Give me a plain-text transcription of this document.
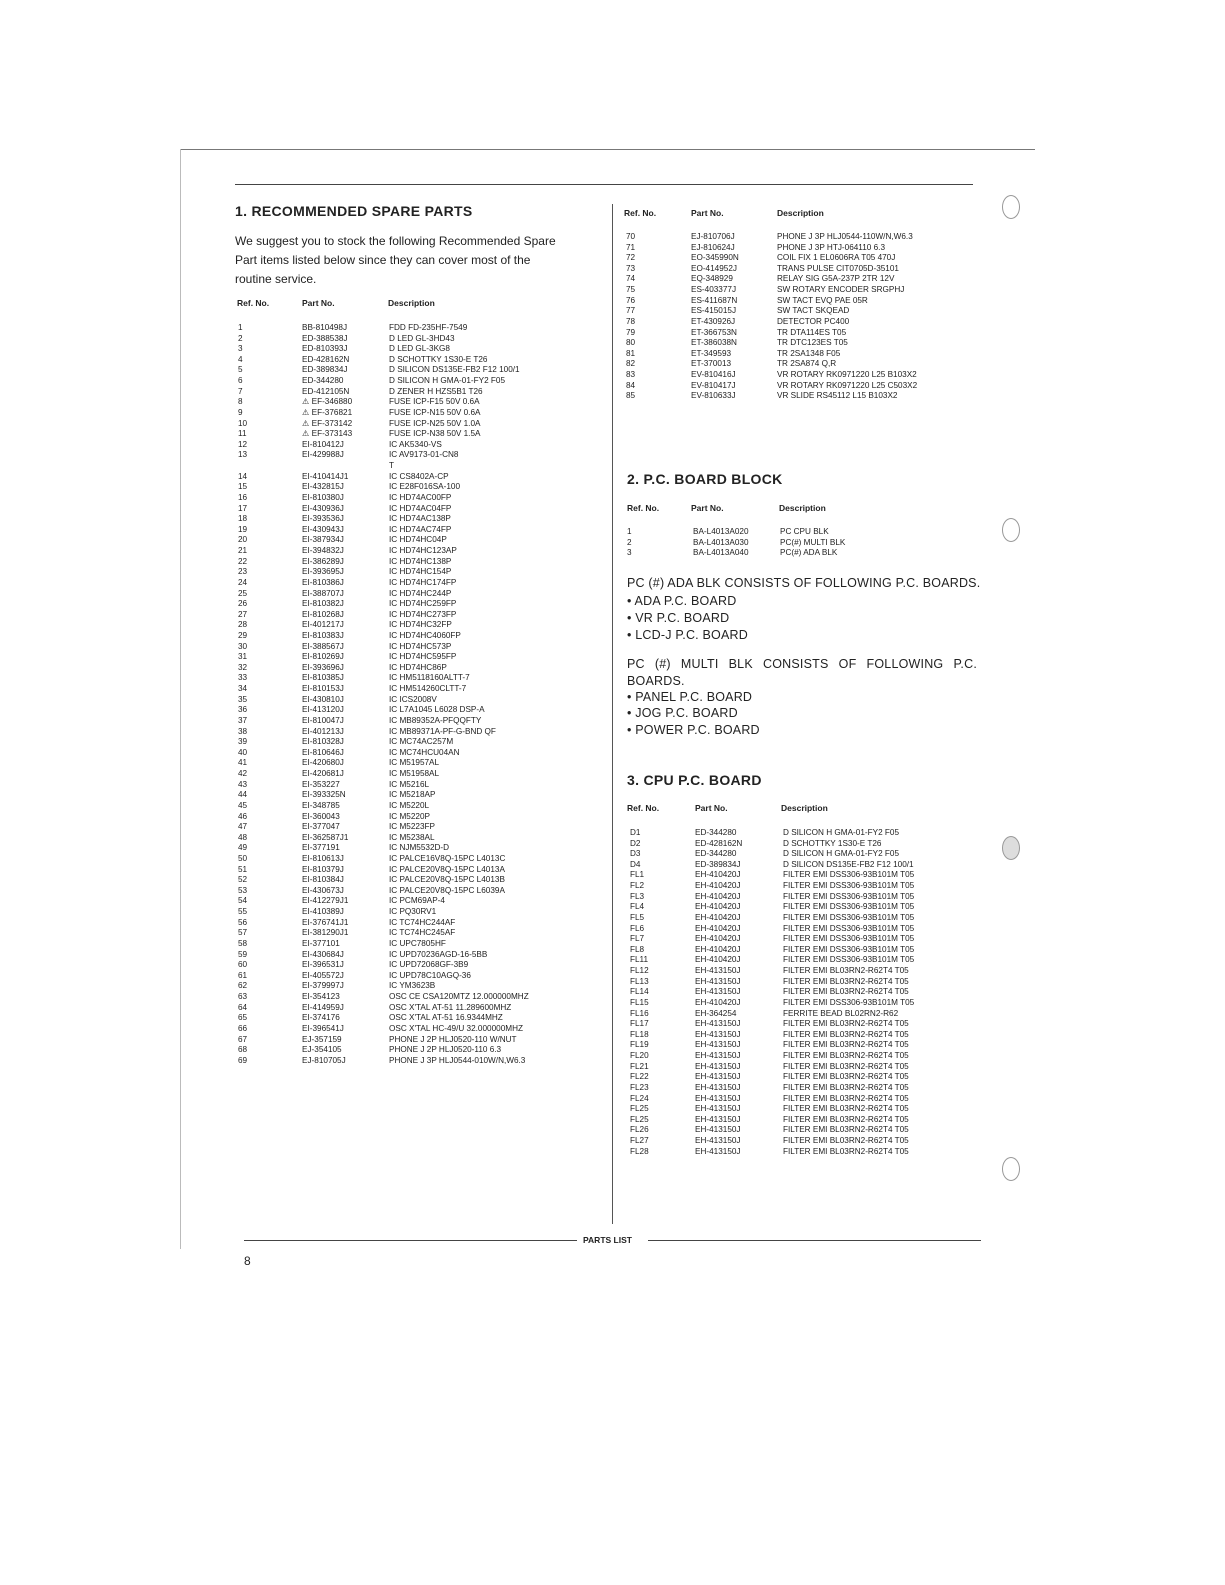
1. RECOMMENDED SPARE PARTS
We suggest you to stock the following Recommended Spare
Part items listed below since they can cover most of the
routine service.
Ref. No.	Part No.	Description
1	BB-810498J	FDD FD-235HF-7549
2	ED-388538J	D LED GL-3HD43
3	ED-810393J	D LED GL-3KG8
4	ED-428162N	D SCHOTTKY 1S30-E T26
5	ED-389834J	D SILICON DS135E-FB2 F12 100/1
6	ED-344280	D SILICON H GMA-01-FY2 F05
7	ED-412105N	D ZENER H HZS5B1 T26
8	⚠ EF-346880	FUSE ICP-F15 50V 0.6A
9	⚠ EF-376821	FUSE ICP-N15 50V 0.6A
10	⚠ EF-373142	FUSE ICP-N25 50V 1.0A
11	⚠ EF-373143	FUSE ICP-N38 50V 1.5A
12	EI-810412J	IC AK5340-VS
13	EI-429988J	IC AV9173-01-CN8
T
14	EI-410414J1	IC CS8402A-CP
15	EI-432815J	IC E28F016SA-100
16	EI-810380J	IC HD74AC00FP
17	EI-430936J	IC HD74AC04FP
18	EI-393536J	IC HD74AC138P
19	EI-430943J	IC HD74AC74FP
20	EI-387934J	IC HD74HC04P
21	EI-394832J	IC HD74HC123AP
22	EI-386289J	IC HD74HC138P
23	EI-393695J	IC HD74HC154P
24	EI-810386J	IC HD74HC174FP
25	EI-388707J	IC HD74HC244P
26	EI-810382J	IC HD74HC259FP
27	EI-810268J	IC HD74HC273FP
28	EI-401217J	IC HD74HC32FP
29	EI-810383J	IC HD74HC4060FP
30	EI-388567J	IC HD74HC573P
31	EI-810269J	IC HD74HC595FP
32	EI-393696J	IC HD74HC86P
33	EI-810385J	IC HM5118160ALTT-7
34	EI-810153J	IC HM514260CLTT-7
35	EI-430810J	IC ICS2008V
36	EI-413120J	IC L7A1045 L6028 DSP-A
37	EI-810047J	IC MB89352A-PFQQFTY
38	EI-401213J	IC MB89371A-PF-G-BND QF
39	EI-810328J	IC MC74AC257M
40	EI-810646J	IC MC74HCU04AN
41	EI-420680J	IC M51957AL
42	EI-420681J	IC M51958AL
43	EI-353227	IC M5216L
44	EI-393325N	IC M5218AP
45	EI-348785	IC M5220L
46	EI-360043	IC M5220P
47	EI-377047	IC M5223FP
48	EI-362587J1	IC M5238AL
49	EI-377191	IC NJM5532D-D
50	EI-810613J	IC PALCE16V8Q-15PC L4013C
51	EI-810379J	IC PALCE20V8Q-15PC L4013A
52	EI-810384J	IC PALCE20V8Q-15PC L4013B
53	EI-430673J	IC PALCE20V8Q-15PC L6039A
54	EI-412279J1	IC PCM69AP-4
55	EI-410389J	IC PQ30RV1
56	EI-376741J1	IC TC74HC244AF
57	EI-381290J1	IC TC74HC245AF
58	EI-377101	IC UPC7805HF
59	EI-430684J	IC UPD70236AGD-16-5BB
60	EI-396531J	IC UPD72068GF-3B9
61	EI-405572J	IC UPD78C10AGQ-36
62	EI-379997J	IC YM3623B
63	EI-354123	OSC CE CSA120MTZ 12.000000MHZ
64	EI-414959J	OSC X'TAL AT-51 11.289600MHZ
65	EI-374176	OSC X'TAL AT-51 16.9344MHZ
66	EI-396541J	OSC X'TAL HC-49/U 32.000000MHZ
67	EJ-357159	PHONE J 2P HLJ0520-110 W/NUT
68	EJ-354105	PHONE J 2P HLJ0520-110 6.3
69	EJ-810705J	PHONE J 3P HLJ0544-010W/N,W6.3
Ref. No.	Part No.	Description
70	EJ-810706J	PHONE J 3P HLJ0544-110W/N,W6.3
71	EJ-810624J	PHONE J 3P HTJ-064110 6.3
72	EO-345990N	COIL FIX 1 EL0606RA T05 470J
73	EO-414952J	TRANS PULSE CIT0705D-35101
74	EQ-348929	RELAY SIG G5A-237P 2TR 12V
75	ES-403377J	SW ROTARY ENCODER SRGPHJ
76	ES-411687N	SW TACT EVQ PAE 05R
77	ES-415015J	SW TACT SKQEAD
78	ET-430926J	DETECTOR PC400
79	ET-366753N	TR DTA114ES T05
80	ET-386038N	TR DTC123ES T05
81	ET-349593	TR 2SA1348 F05
82	ET-370013	TR 2SA874 Q,R
83	EV-810416J	VR ROTARY RK0971220 L25 B103X2
84	EV-810417J	VR ROTARY RK0971220 L25 C503X2
85	EV-810633J	VR SLIDE RS45112 L15 B103X2
2. P.C. BOARD BLOCK
Ref. No.	Part No.	Description
1	BA-L4013A020	PC CPU BLK
2	BA-L4013A030	PC(#) MULTI BLK
3	BA-L4013A040	PC(#) ADA BLK
PC (#) ADA BLK CONSISTS OF FOLLOWING P.C. BOARDS.
• ADA P.C. BOARD
• VR P.C. BOARD
• LCD-J P.C. BOARD
PC (#) MULTI BLK CONSISTS OF FOLLOWING P.C.
BOARDS.
• PANEL P.C. BOARD
• JOG P.C. BOARD
• POWER P.C. BOARD
3. CPU P.C. BOARD
Ref. No.	Part No.	Description
D1	ED-344280	D SILICON H GMA-01-FY2 F05
D2	ED-428162N	D SCHOTTKY 1S30-E T26
D3	ED-344280	D SILICON H GMA-01-FY2 F05
D4	ED-389834J	D SILICON DS135E-FB2 F12 100/1
FL1	EH-410420J	FILTER EMI DSS306-93B101M T05
FL2	EH-410420J	FILTER EMI DSS306-93B101M T05
FL3	EH-410420J	FILTER EMI DSS306-93B101M T05
FL4	EH-410420J	FILTER EMI DSS306-93B101M T05
FL5	EH-410420J	FILTER EMI DSS306-93B101M T05
FL6	EH-410420J	FILTER EMI DSS306-93B101M T05
FL7	EH-410420J	FILTER EMI DSS306-93B101M T05
FL8	EH-410420J	FILTER EMI DSS306-93B101M T05
FL11	EH-410420J	FILTER EMI DSS306-93B101M T05
FL12	EH-413150J	FILTER EMI BL03RN2-R62T4 T05
FL13	EH-413150J	FILTER EMI BL03RN2-R62T4 T05
FL14	EH-413150J	FILTER EMI BL03RN2-R62T4 T05
FL15	EH-410420J	FILTER EMI DSS306-93B101M T05
FL16	EH-364254	FERRITE BEAD BL02RN2-R62
FL17	EH-413150J	FILTER EMI BL03RN2-R62T4 T05
FL18	EH-413150J	FILTER EMI BL03RN2-R62T4 T05
FL19	EH-413150J	FILTER EMI BL03RN2-R62T4 T05
FL20	EH-413150J	FILTER EMI BL03RN2-R62T4 T05
FL21	EH-413150J	FILTER EMI BL03RN2-R62T4 T05
FL22	EH-413150J	FILTER EMI BL03RN2-R62T4 T05
FL23	EH-413150J	FILTER EMI BL03RN2-R62T4 T05
FL24	EH-413150J	FILTER EMI BL03RN2-R62T4 T05
FL25	EH-413150J	FILTER EMI BL03RN2-R62T4 T05
FL25	EH-413150J	FILTER EMI BL03RN2-R62T4 T05
FL26	EH-413150J	FILTER EMI BL03RN2-R62T4 T05
FL27	EH-413150J	FILTER EMI BL03RN2-R62T4 T05
FL28	EH-413150J	FILTER EMI BL03RN2-R62T4 T05
PARTS LIST
8
